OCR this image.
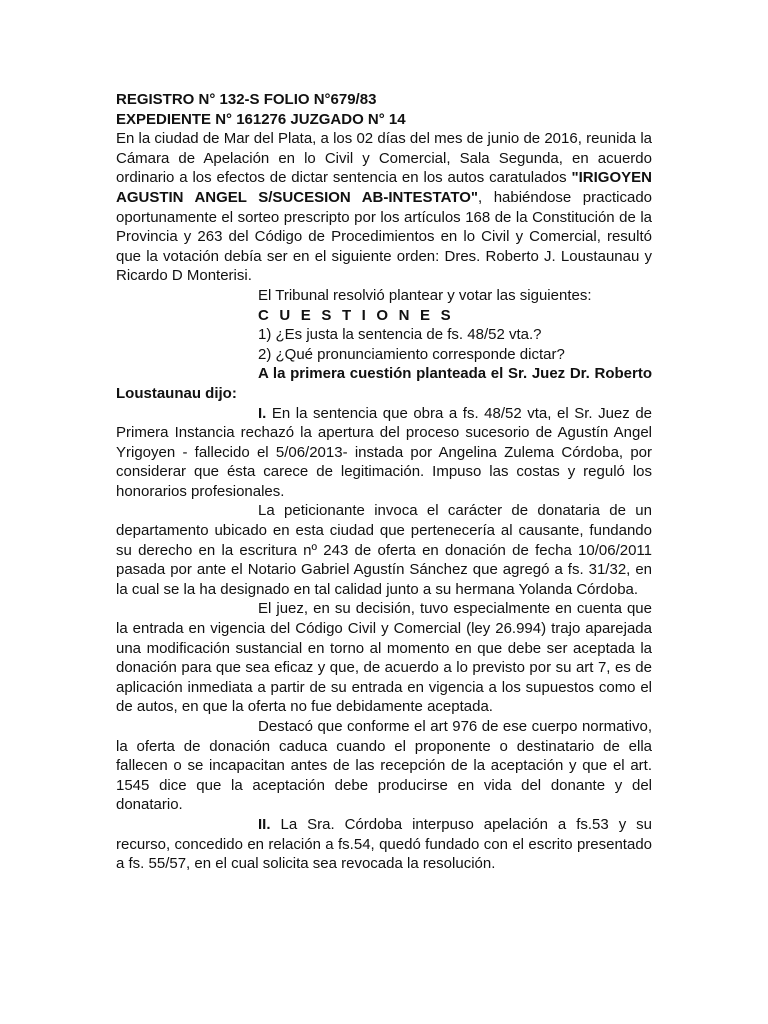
REGISTRO N° 132-S FOLIO N°679/83

EXPEDIENTE N° 161276 JUZGADO N° 14

En la ciudad de Mar del Plata, a los 02 días del mes de junio de 2016, reunida la Cámara de Apelación en lo Civil y Comercial, Sala Segunda, en acuerdo ordinario a los efectos de dictar sentencia en los autos caratulados "IRIGOYEN AGUSTIN ANGEL S/SUCESION AB-INTESTATO", habiéndose practicado oportunamente el sorteo prescripto por los artículos 168 de la Constitución de la Provincia y 263 del Código de Procedimientos en lo Civil y Comercial, resultó que la votación debía ser en el siguiente orden: Dres. Roberto J. Loustaunau y Ricardo D Monterisi.

El Tribunal resolvió plantear y votar las siguientes:

C U E S T I O N E S

1) ¿Es justa la sentencia de fs. 48/52 vta.?

2) ¿Qué pronunciamiento corresponde dictar?

A la primera cuestión planteada el Sr. Juez Dr. Roberto Loustaunau dijo:

I. En la sentencia que obra a fs. 48/52 vta, el Sr. Juez de Primera Instancia rechazó la apertura del proceso sucesorio de Agustín Angel Yrigoyen - fallecido el 5/06/2013- instada por Angelina Zulema Córdoba, por considerar que ésta carece de legitimación. Impuso las costas y reguló los honorarios profesionales.

La peticionante invoca el carácter de donataria de un departamento ubicado en esta ciudad que pertenecería al causante, fundando su derecho en la escritura nº 243 de oferta en donación de fecha 10/06/2011 pasada por ante el Notario Gabriel Agustín Sánchez que agregó a fs. 31/32, en la cual se la ha designado en tal calidad junto a su hermana Yolanda Córdoba.

El juez, en su decisión, tuvo especialmente en cuenta que la entrada en vigencia del Código Civil y Comercial (ley 26.994) trajo aparejada una modificación sustancial en torno al momento en que debe ser aceptada la donación para que sea eficaz y que, de acuerdo a lo previsto por su art 7, es de aplicación inmediata a partir de su entrada en vigencia a los supuestos como el de autos, en que la oferta no fue debidamente aceptada.

Destacó que conforme el art 976 de ese cuerpo normativo, la oferta de donación caduca cuando el proponente o destinatario de ella fallecen o se incapacitan antes de las recepción de la aceptación y que el art. 1545 dice que la aceptación debe producirse en vida del donante y del donatario.

II. La Sra. Córdoba interpuso apelación a fs.53 y su recurso, concedido en relación a fs.54, quedó fundado con el escrito presentado a fs. 55/57, en el cual solicita sea revocada la resolución.
